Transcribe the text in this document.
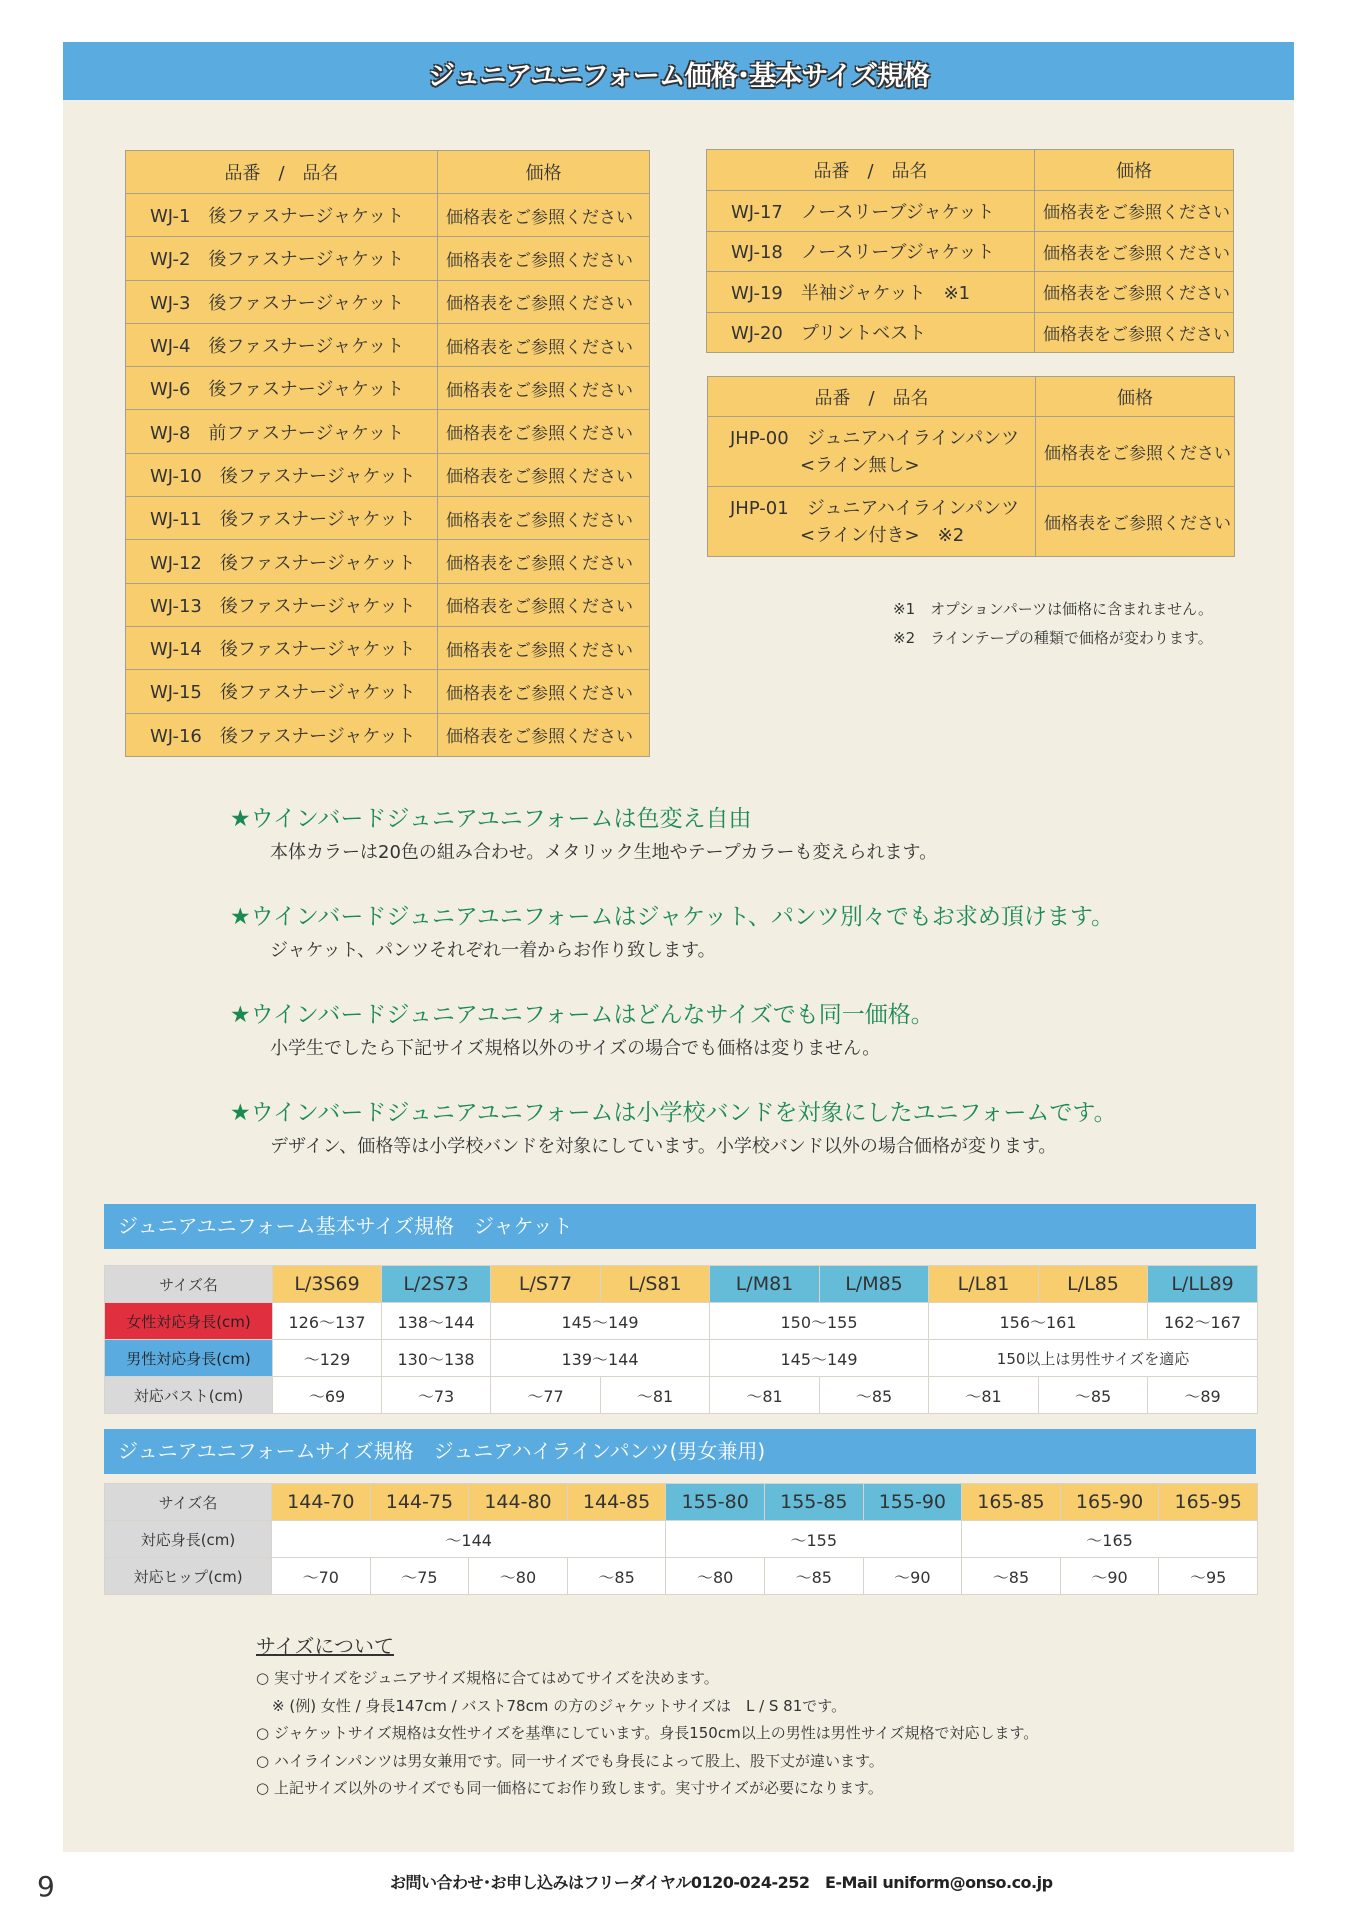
ジュニアユニフォーム価格･基本サイズ規格
品番　/　品名	価格
WJ-1　後ファスナージャケット	価格表をご参照ください
WJ-2　後ファスナージャケット	価格表をご参照ください
WJ-3　後ファスナージャケット	価格表をご参照ください
WJ-4　後ファスナージャケット	価格表をご参照ください
WJ-6　後ファスナージャケット	価格表をご参照ください
WJ-8　前ファスナージャケット	価格表をご参照ください
WJ-10　後ファスナージャケット	価格表をご参照ください
WJ-11　後ファスナージャケット	価格表をご参照ください
WJ-12　後ファスナージャケット	価格表をご参照ください
WJ-13　後ファスナージャケット	価格表をご参照ください
WJ-14　後ファスナージャケット	価格表をご参照ください
WJ-15　後ファスナージャケット	価格表をご参照ください
WJ-16　後ファスナージャケット	価格表をご参照ください
品番　/　品名	価格
WJ-17　ノースリーブジャケット	価格表をご参照ください
WJ-18　ノースリーブジャケット	価格表をご参照ください
WJ-19　半袖ジャケット　※1	価格表をご参照ください
WJ-20　プリントベスト	価格表をご参照ください
品番　/　品名	価格

JHP-00　ジュニアハイラインパンツ
<ライン無し>	価格表をご参照ください

JHP-01　ジュニアハイラインパンツ
<ライン付き>　※2	価格表をご参照ください
※1　オプションパーツは価格に含まれません。
※2　ラインテープの種類で価格が変わります。
★ウインバードジュニアユニフォームは色変え自由
本体カラーは20色の組み合わせ。メタリック生地やテープカラーも変えられます。
★ウインバードジュニアユニフォームはジャケット、パンツ別々でもお求め頂けます。
ジャケット、パンツそれぞれ一着からお作り致します。
★ウインバードジュニアユニフォームはどんなサイズでも同一価格。
小学生でしたら下記サイズ規格以外のサイズの場合でも価格は変りません。
★ウインバードジュニアユニフォームは小学校バンドを対象にしたユニフォームです。
デザイン、価格等は小学校バンドを対象にしています。小学校バンド以外の場合価格が変ります。
ジュニアユニフォーム基本サイズ規格　ジャケット
サイズ名	L/3S69	L/2S73	L/S77	L/S81	L/M81	L/M85	L/L81	L/L85	L/LL89
女性対応身長(cm)	126〜137	138〜144	145〜149		150〜155		156〜161		162〜167
男性対応身長(cm)	〜129	130〜138	139〜144		145〜149		150以上は男性サイズを適応		
対応バスト(cm)	〜69	〜73	〜77	〜81	〜81	〜85	〜81	〜85	〜89
ジュニアユニフォームサイズ規格　ジュニアハイラインパンツ(男女兼用)
サイズ名	144-70	144-75	144-80	144-85	155-80	155-85	155-90	165-85	165-90	165-95
対応身長(cm)	〜144				〜155			〜165		
対応ヒップ(cm)	〜70	〜75	〜80	〜85	〜80	〜85	〜90	〜85	〜90	〜95
サイズについて
○ 実寸サイズをジュニアサイズ規格に合てはめてサイズを決めます。
※ (例) 女性 / 身長147cm / バスト78cm の方のジャケットサイズは　L / S 81です。
○ ジャケットサイズ規格は女性サイズを基準にしています。身長150cm以上の男性は男性サイズ規格で対応します。
○ ハイラインパンツは男女兼用です。同一サイズでも身長によって股上、股下丈が違います。
○ 上記サイズ以外のサイズでも同一価格にてお作り致します。実寸サイズが必要になります。
9	お問い合わせ･お申し込みはフリーダイヤル0120-024-252　E-Mail uniform@onso.co.jp
